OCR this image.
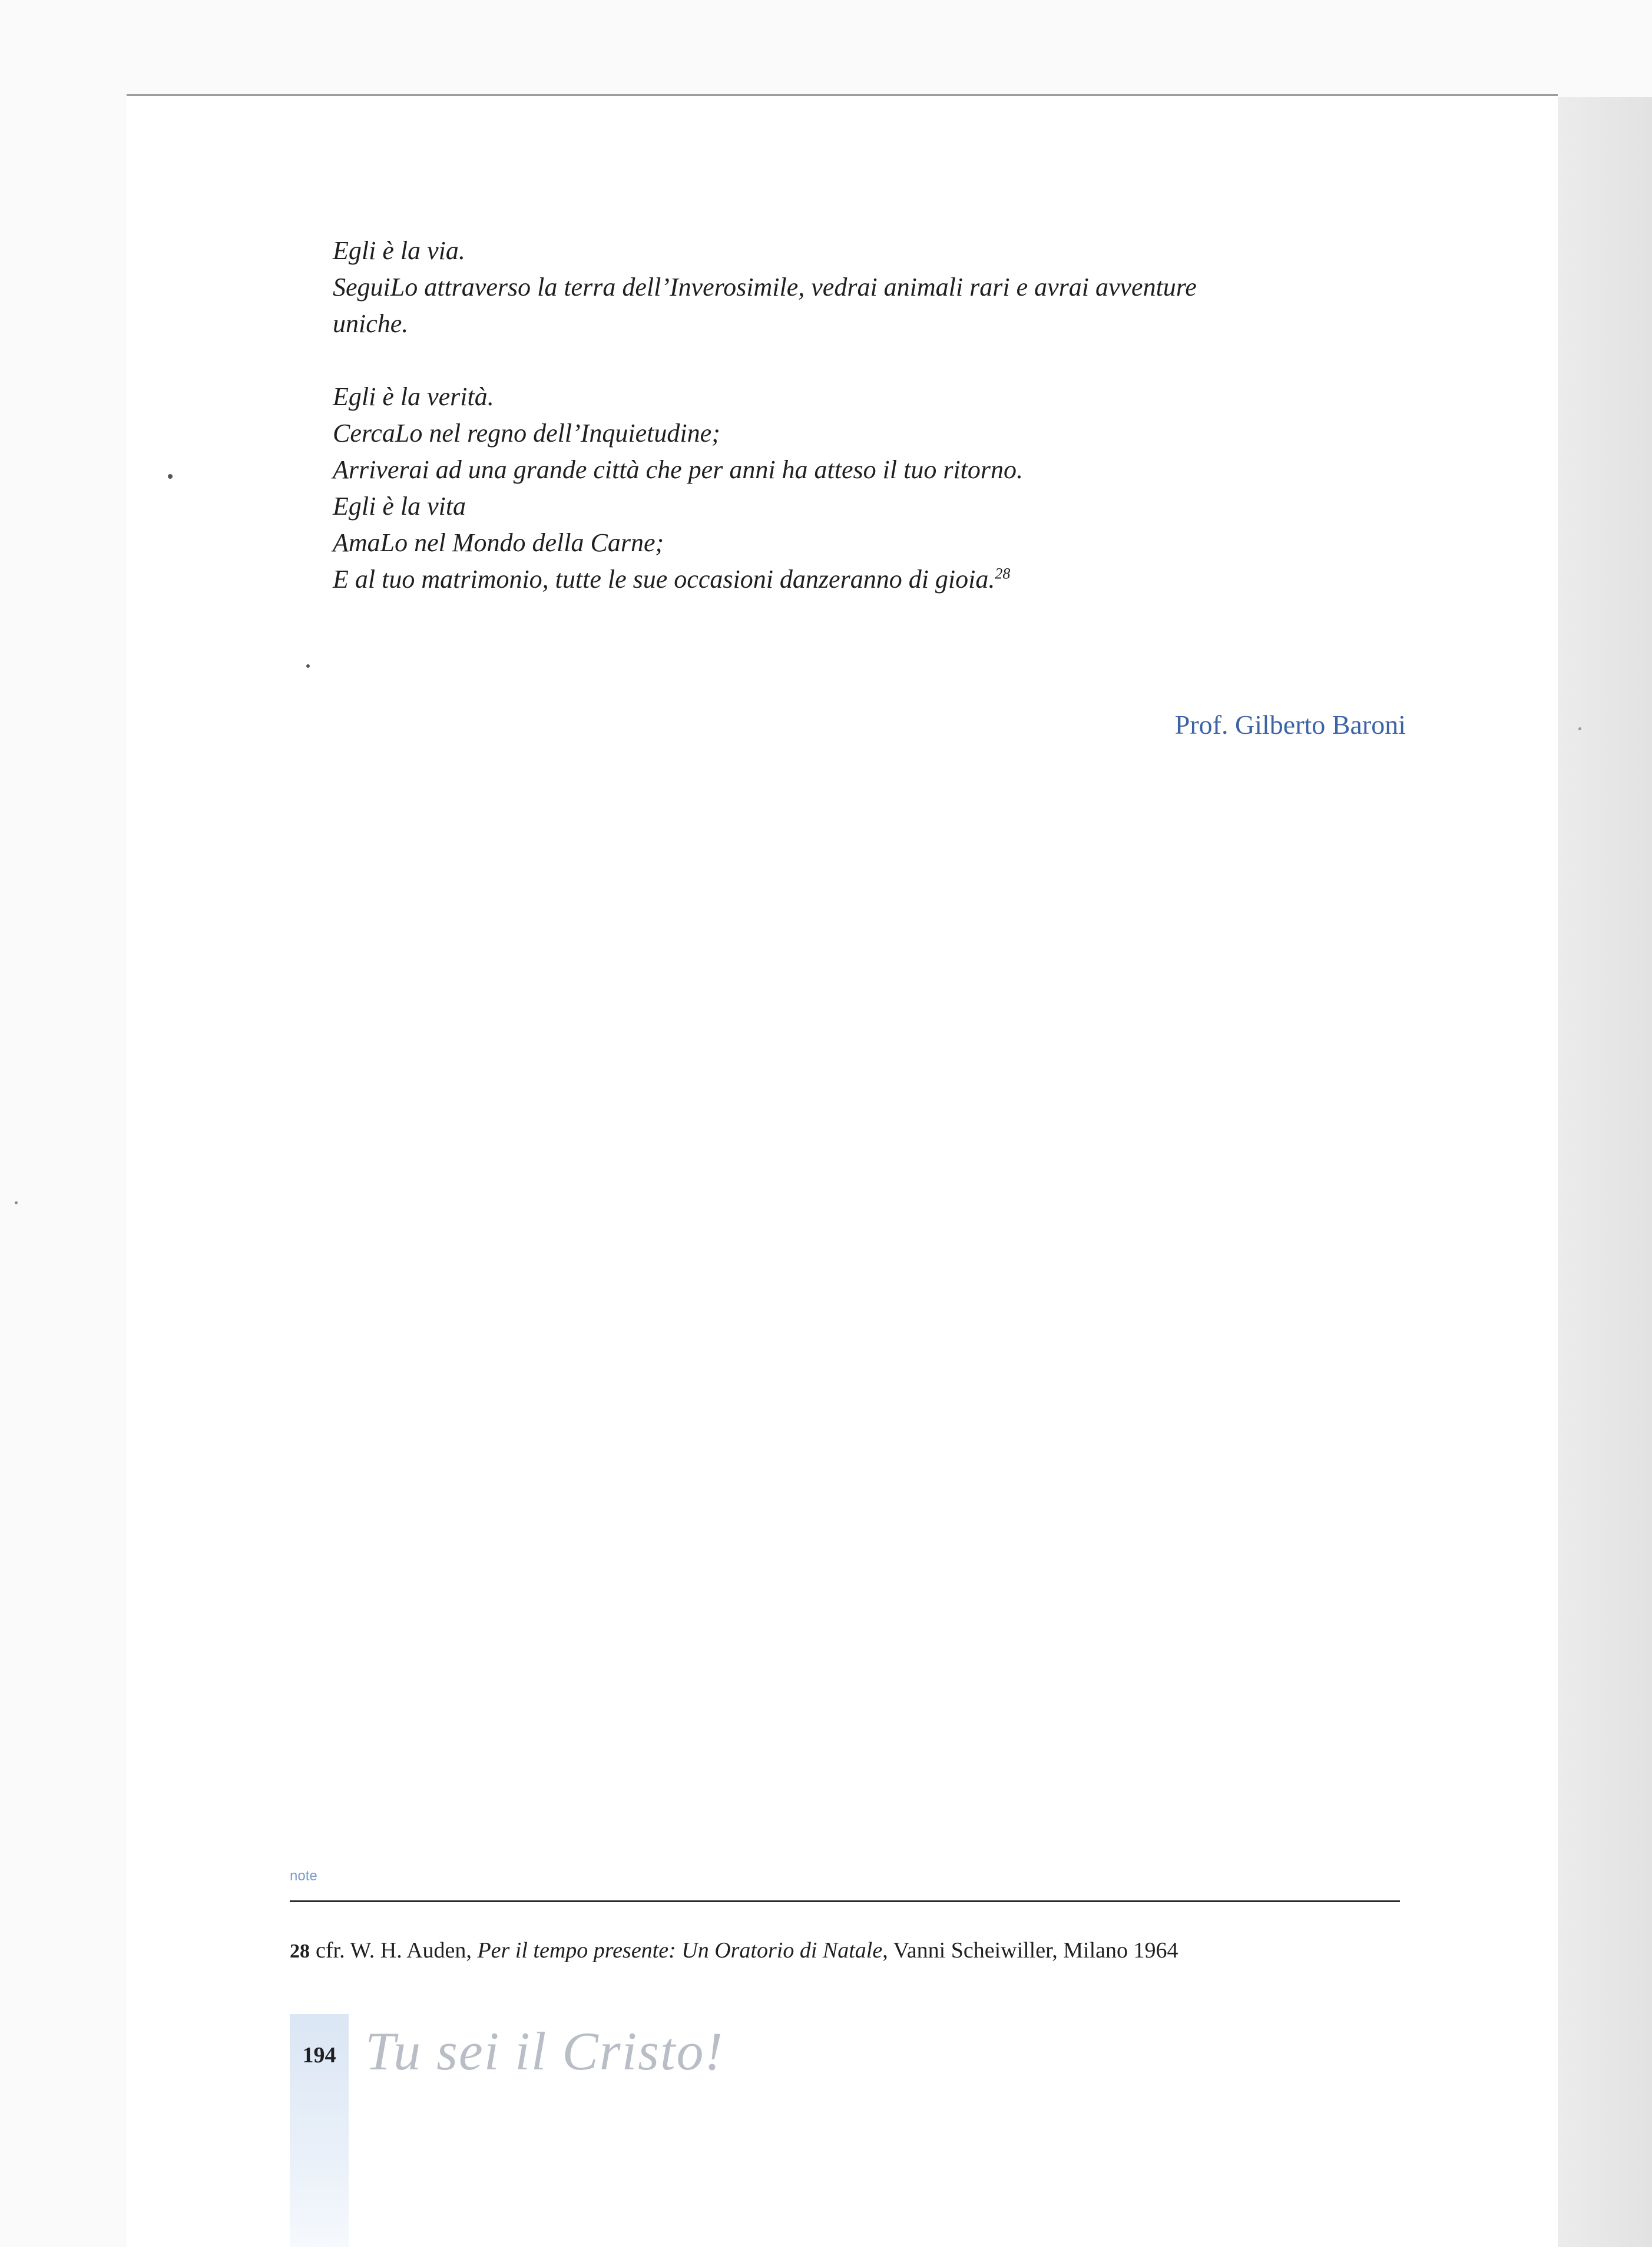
Egli è la via.
SeguiLo attraverso la terra dell’Inverosimile, vedrai animali rari e avrai avventure uniche.
Egli è la verità.
CercaLo nel regno dell’Inquietudine;
Arriverai ad una grande città che per anni ha atteso il tuo ritorno.
Egli è la vita
AmaLo nel Mondo della Carne;
E al tuo matrimonio, tutte le sue occasioni danzeranno di gioia.$^{28}$
Prof. Gilberto Baroni
note
28 cfr. W. H. Auden, Per il tempo presente: Un Oratorio di Natale, Vanni Scheiwiller, Milano 1964
194 Tu sei il Cristo!
